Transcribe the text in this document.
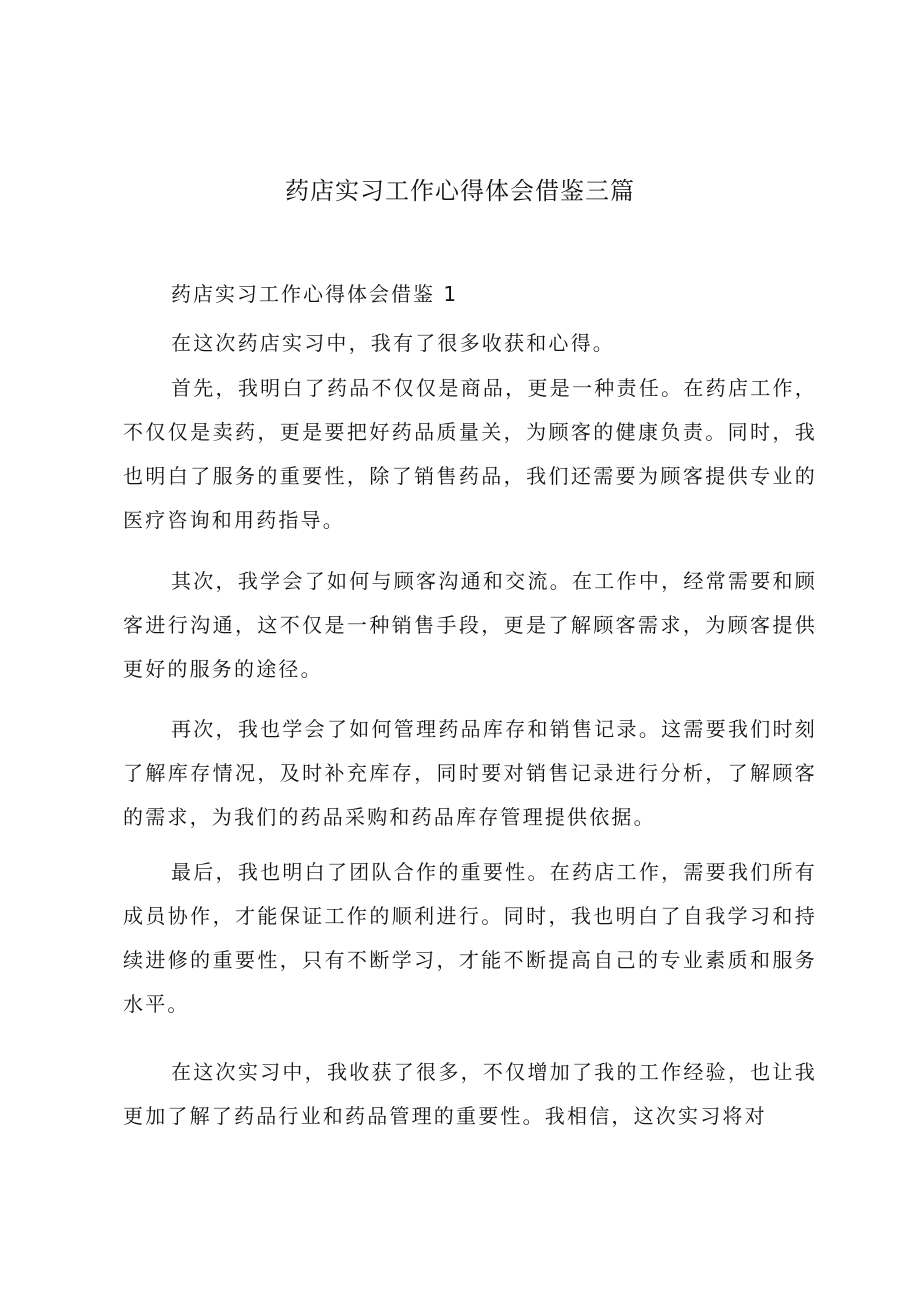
药店实习工作心得体会借鉴三篇
药店实习工作心得体会借鉴 1

在这次药店实习中，我有了很多收获和心得。

首先，我明白了药品不仅仅是商品，更是一种责任。在药店工作，不仅仅是卖药，更是要把好药品质量关，为顾客的健康负责。同时，我也明白了服务的重要性，除了销售药品，我们还需要为顾客提供专业的医疗咨询和用药指导。

其次，我学会了如何与顾客沟通和交流。在工作中，经常需要和顾客进行沟通，这不仅是一种销售手段，更是了解顾客需求，为顾客提供更好的服务的途径。

再次，我也学会了如何管理药品库存和销售记录。这需要我们时刻了解库存情况，及时补充库存，同时要对销售记录进行分析，了解顾客的需求，为我们的药品采购和药品库存管理提供依据。

最后，我也明白了团队合作的重要性。在药店工作，需要我们所有成员协作，才能保证工作的顺利进行。同时，我也明白了自我学习和持续进修的重要性，只有不断学习，才能不断提高自己的专业素质和服务水平。

在这次实习中，我收获了很多，不仅增加了我的工作经验，也让我更加了解了药品行业和药品管理的重要性。我相信，这次实习将对
